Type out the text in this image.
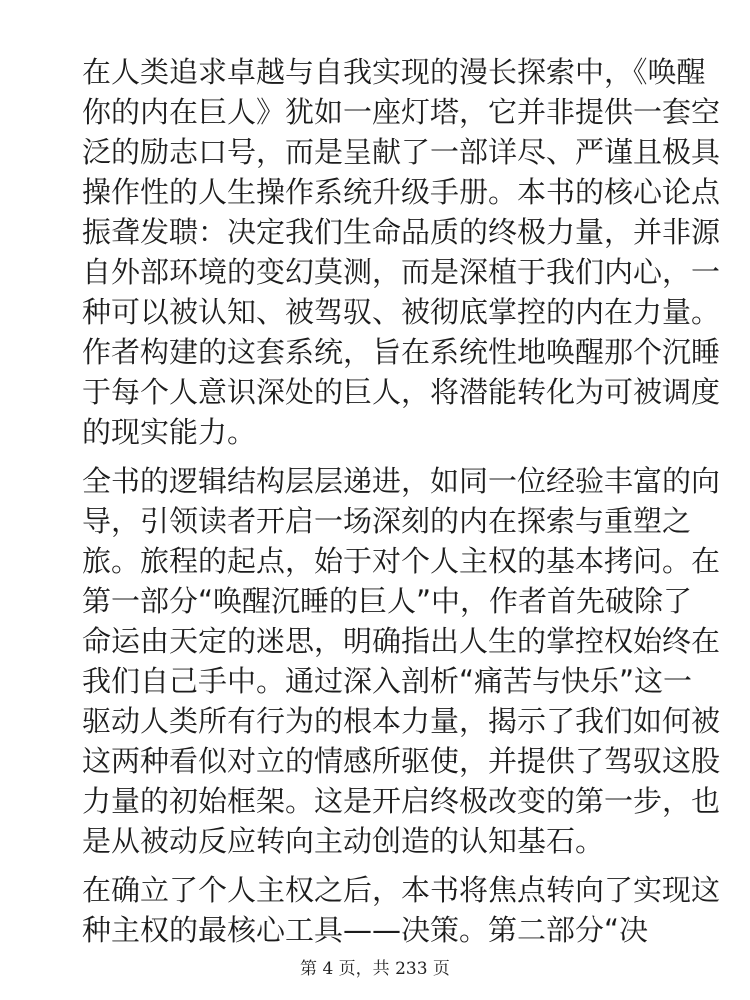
在人类追求卓越与自我实现的漫长探索中，《唤醒
你的内在巨人》犹如一座灯塔，它并非提供一套空
泛的励志口号，而是呈献了一部详尽、严谨且极具
操作性的人生操作系统升级手册。本书的核心论点
振聋发聩：决定我们生命品质的终极力量，并非源
自外部环境的变幻莫测，而是深植于我们内心，一
种可以被认知、被驾驭、被彻底掌控的内在力量。
作者构建的这套系统，旨在系统性地唤醒那个沉睡
于每个人意识深处的巨人，将潜能转化为可被调度
的现实能力。
全书的逻辑结构层层递进，如同一位经验丰富的向
导，引领读者开启一场深刻的内在探索与重塑之
旅。旅程的起点，始于对个人主权的基本拷问。在
第一部分“唤醒沉睡的巨人”中，作者首先破除了
命运由天定的迷思，明确指出人生的掌控权始终在
我们自己手中。通过深入剖析“痛苦与快乐”这一
驱动人类所有行为的根本力量，揭示了我们如何被
这两种看似对立的情感所驱使，并提供了驾驭这股
力量的初始框架。这是开启终极改变的第一步，也
是从被动反应转向主动创造的认知基石。
在确立了个人主权之后，本书将焦点转向了实现这
种主权的最核心工具——决策。第二部分“决
第 4 页，共 233 页
